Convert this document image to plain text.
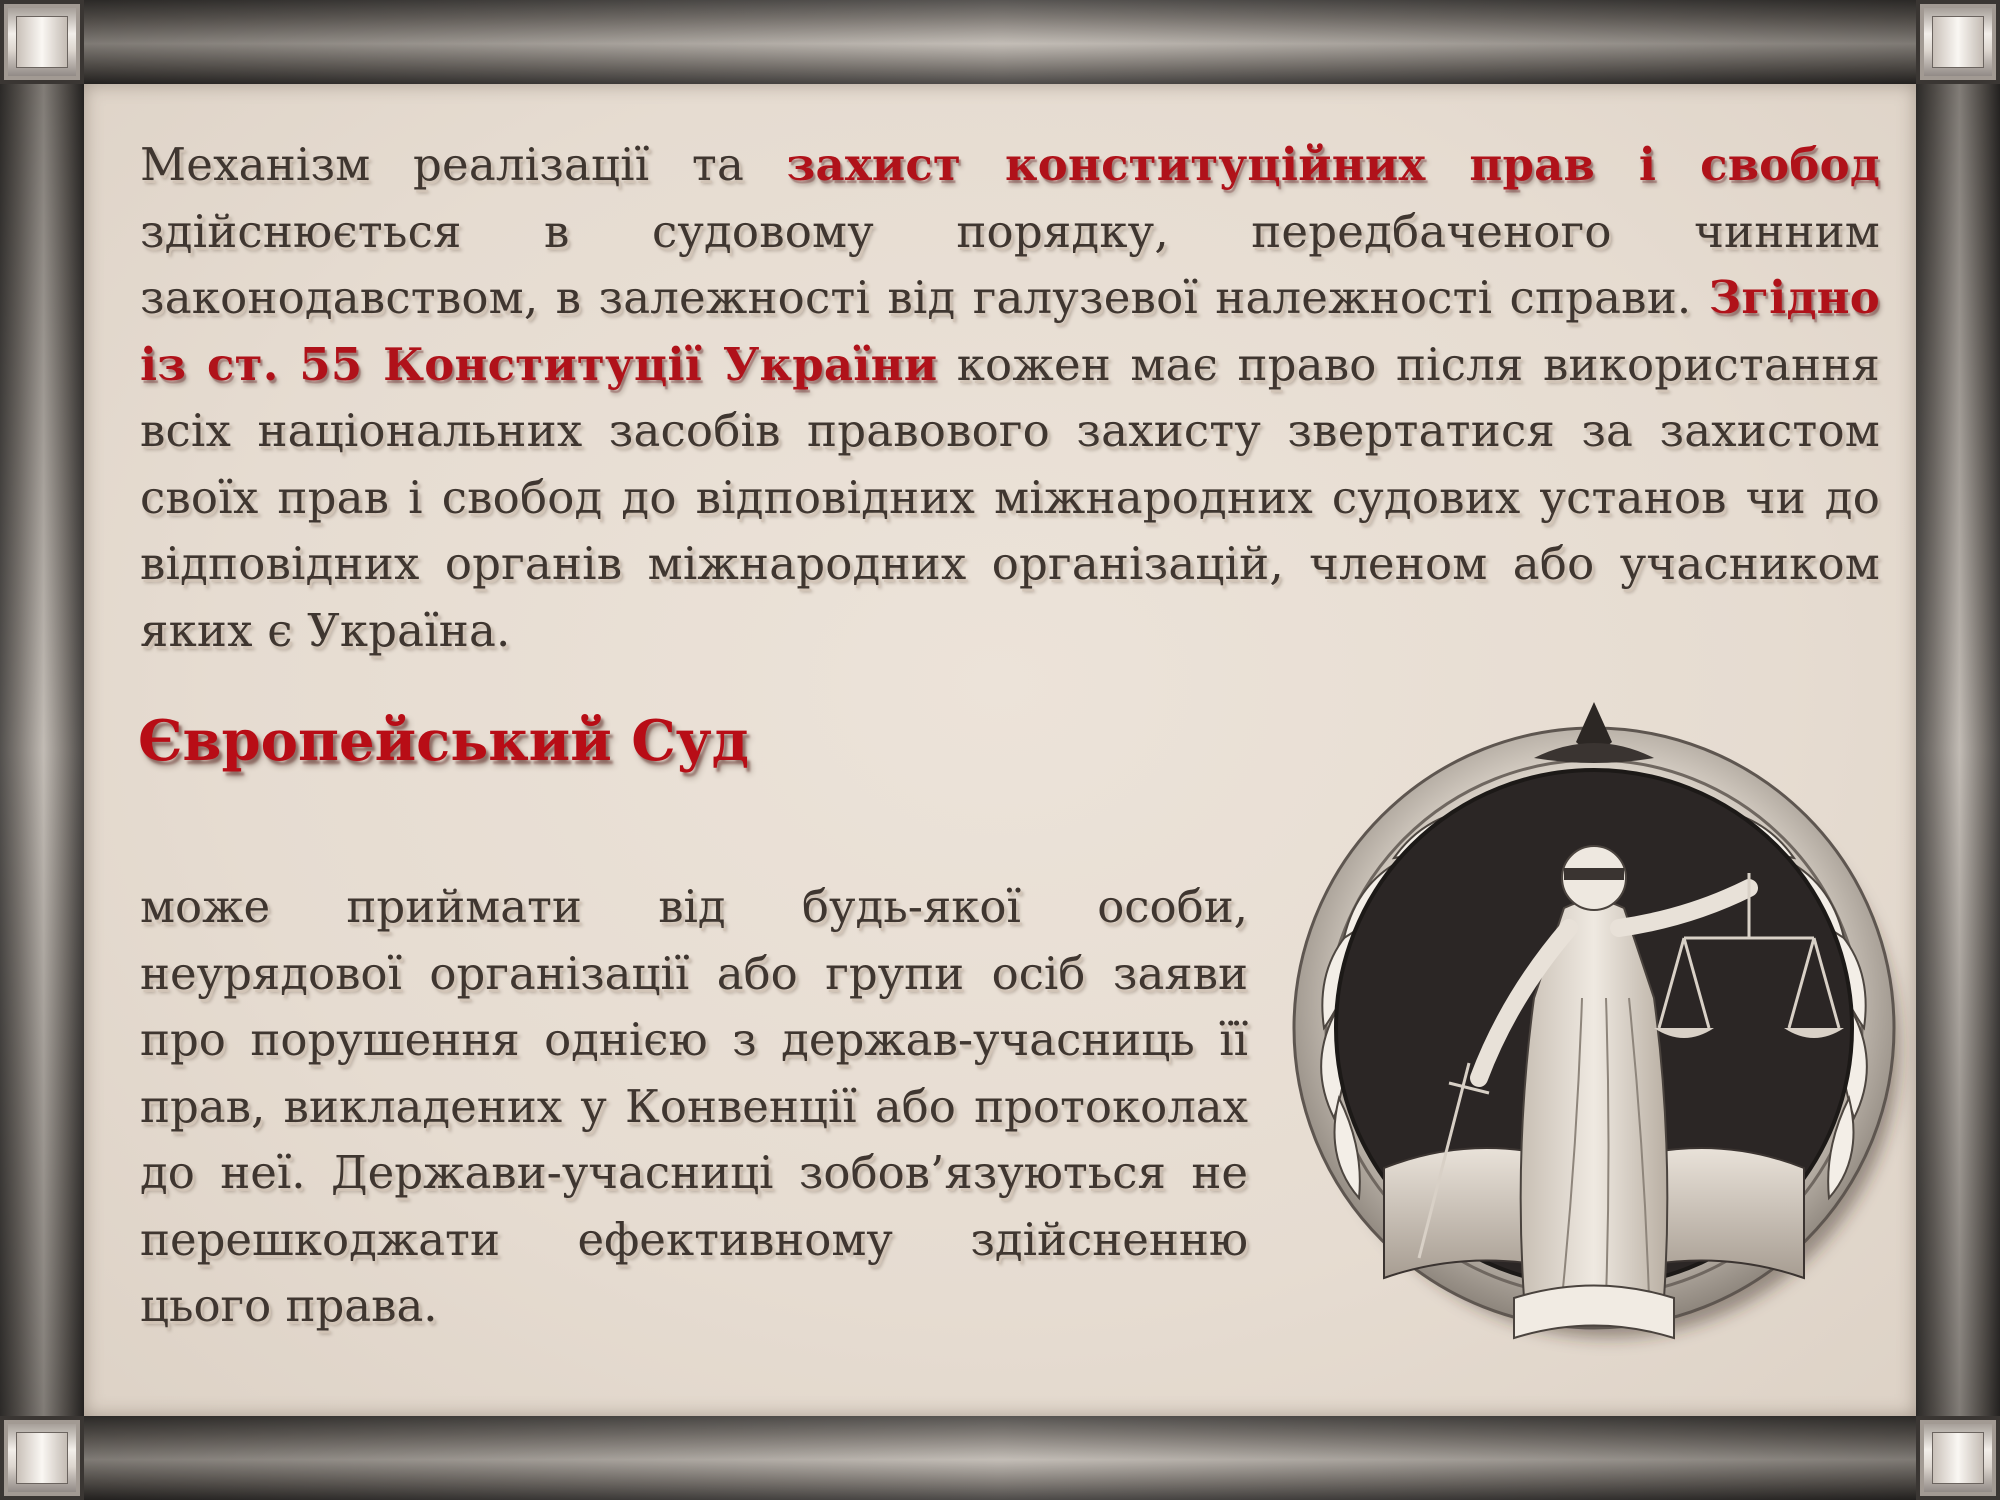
Механізм реалізації та захист конституційних прав і свобод здійснюється в судовому порядку, передбаченого чинним законодавством, в залежності від галузевої належності справи. Згідно із ст. 55 Конституції України кожен має право після використання всіх національних засобів правового захисту звертатися за захистом своїх прав і свобод до відповідних міжнародних судових установ чи до відповідних органів міжнародних організацій, членом або учасником яких є Україна.

Європейський Суд

може приймати від будь-якої особи, неурядової організації або групи осіб заяви про порушення однією з держав-учасниць її прав, викладених у Конвенції або протоколах до неї. Держави-учасниці зобов’язуються не перешкоджати ефективному здійсненню цього права.
